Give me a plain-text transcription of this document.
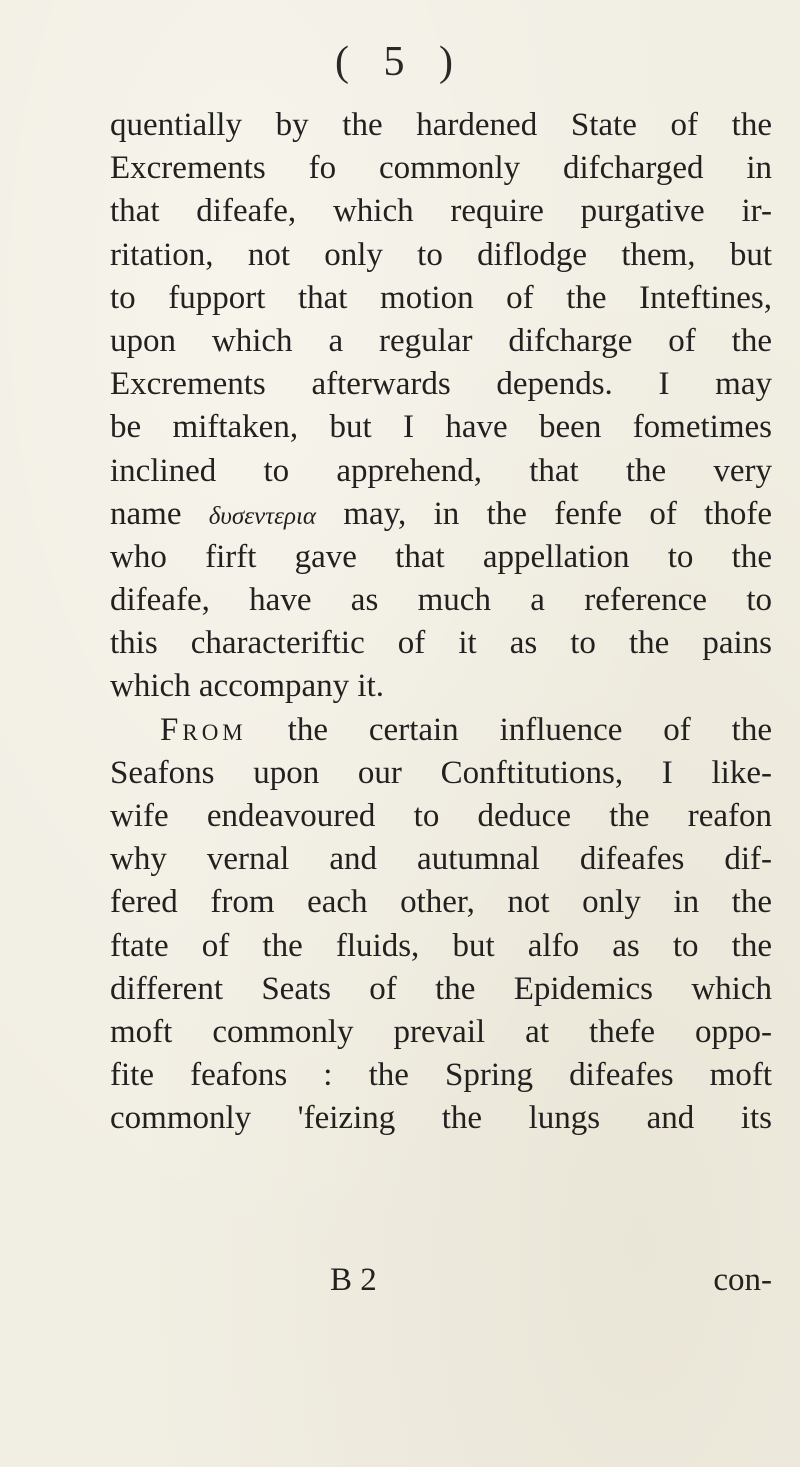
( 5 )
quentially by the hardened State of the
Excrements fo commonly difcharged in
that difeafe, which require purgative ir-
ritation, not only to diflodge them, but
to fupport that motion of the Inteftines,
upon which a regular difcharge of the
Excrements afterwards depends. I may
be miftaken, but I have been fometimes
inclined to apprehend, that the very
name δυσεντερια may, in the fenfe of thofe
who firft gave that appellation to the
difeafe, have as much a reference to
this characteriftic of it as to the pains
which accompany it.
From the certain influence of the
Seafons upon our Conftitutions, I like-
wife endeavoured to deduce the reafon
why vernal and autumnal difeafes dif-
fered from each other, not only in the
ftate of the fluids, but alfo as to the
different Seats of the Epidemics which
moft commonly prevail at thefe oppo-
fite feafons : the Spring difeafes moft
commonly 'feizing the lungs and its
B 2	con-
